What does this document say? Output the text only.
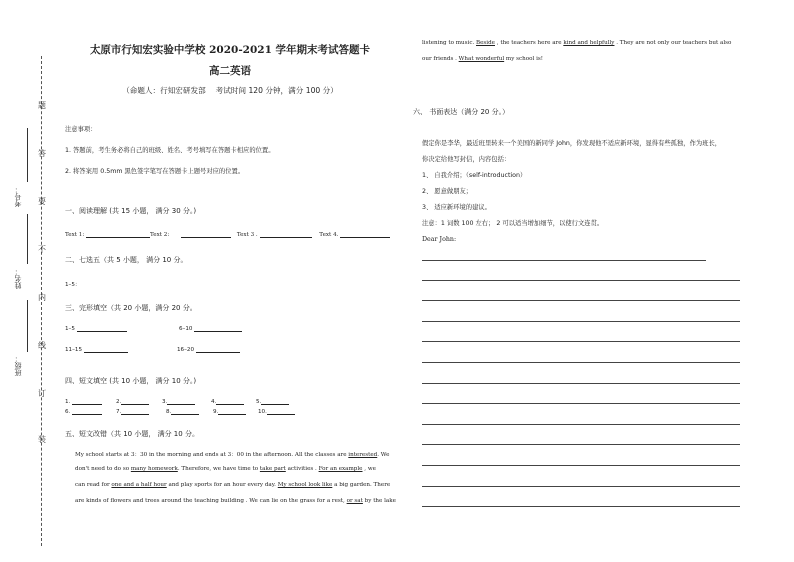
题
答
要
不
内
线
订
装
考号：
姓名：
班级：
太原市行知宏实验中学校 2020-2021 学年期末考试答题卡
高二英语
（命题人：行知宏研发部　 考试时间 120 分钟，满分 100 分）
注意事项：
1. 答题前，考生务必将自己的班级、姓名、考号填写在答题卡相应的位置。
2. 将答案用 0.5mm 黑色签字笔写在答题卡上题号对应的位置。
一、阅读理解 (共 15 小题， 满分 30 分。)
Text 1:	Text 2:	Text 3 .	Text 4.
二、七选五（共 5 小题， 满分 10 分。
1–5：
三、完形填空（共 20 小题，满分 20 分。
1–5	6–10
11–15	16–20
四、短文填空 (共 10 小题， 满分 10 分。)
1.	2.	3.	4.	5.
6.	7.	8.	9.	10.
五、短文改错（共 10 小题， 满分 10 分。
My school starts at 3：30 in the morning and ends at 3：00 in the afternoon. All the classes are interested. We
don't need to do so many homework. Therefore, we have time to take part activities . For an example , we
can read for one and a half hour and play sports for an hour every day. My school look like a big garden. There
are kinds of flowers and trees around the teaching building . We can lie on the grass for a rest, or sat by the lake
listening to music. Beside , the teachers here are kind and helpfully . They are not only our teachers but also
our friends . What wonderful my school is!
六、 书面表达（满分 20 分。）
假定你是李华，最近班里转来一个美国的新同学 John，你发现他不适应新环境，显得有些孤独，作为班长，
你决定给他写封信，内容包括：
1、 自我介绍；（self-introduction）
2、 愿意做朋友；
3、 适应新环境的建议。
注意：1 词数 100 左右； 2 可以适当增加细节，以使行文连贯。
Dear John:
